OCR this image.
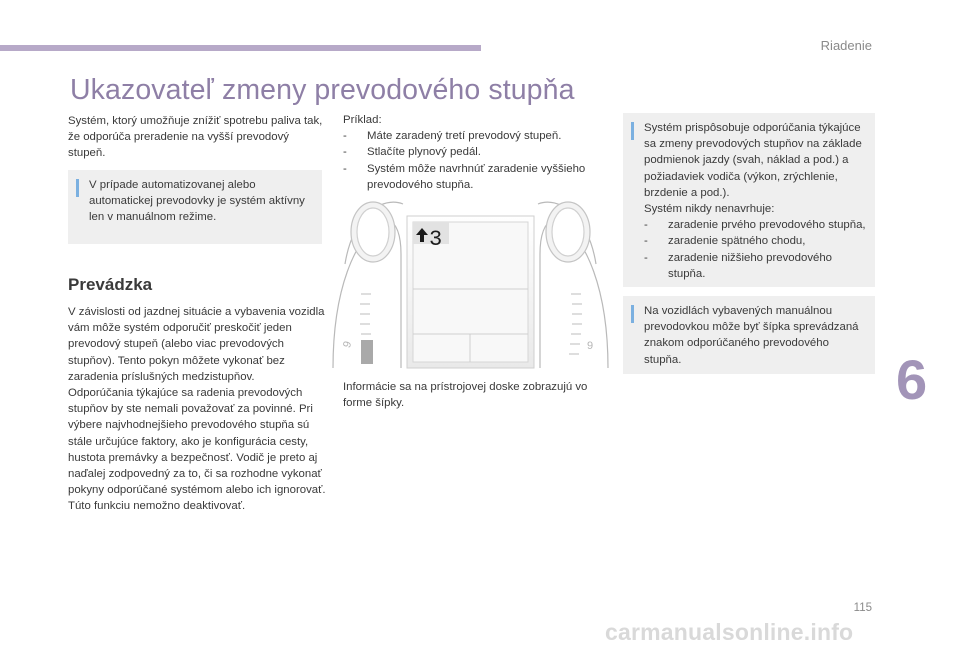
Riadenie
Ukazovateľ zmeny prevodového stupňa
Systém, ktorý umožňuje znížiť spotrebu paliva tak, že odporúča preradenie na vyšší prevodový stupeň.
V prípade automatizovanej alebo automatickej prevodovky je systém aktívny len v manuálnom režime.
Prevádzka

V závislosti od jazdnej situácie a vybavenia vozidla vám môže systém odporučiť preskočiť jeden prevodový stupeň (alebo viac prevodových stupňov). Tento pokyn môžete vykonať bez zaradenia príslušných medzistupňov.

Odporúčania týkajúce sa radenia prevodových stupňov by ste nemali považovať za povinné. Pri výbere najvhodnejšieho prevodového stupňa sú stále určujúce faktory, ako je konfigurácia cesty, hustota premávky a bezpečnosť. Vodič je preto aj naďalej zodpovedný za to, či sa rozhodne vykonať pokyny odporúčané systémom alebo ich ignorovať.

Túto funkciu nemožno deaktivovať.

Príklad:

-	Máte zaradený tretí prevodový stupeň.
-	Stlačíte plynový pedál.
-	Systém môže navrhnúť zaradenie vyššieho prevodového stupňa.
9	9
3
Informácie sa na prístrojovej doske zobrazujú vo forme šípky.

Systém prispôsobuje odporúčania týkajúce sa zmeny prevodových stupňov na základe podmienok jazdy (svah, náklad a pod.) a požiadaviek vodiča (výkon, zrýchlenie, brzdenie a pod.).

Systém nikdy nenavrhuje:

-	zaradenie prvého prevodového stupňa,
-	zaradenie spätného chodu,
-	zaradenie nižšieho prevodového stupňa.
Na vozidlách vybavených manuálnou prevodovkou môže byť šípka sprevádzaná znakom odporúčaného prevodového stupňa.	6
115
carmanualsonline.info
